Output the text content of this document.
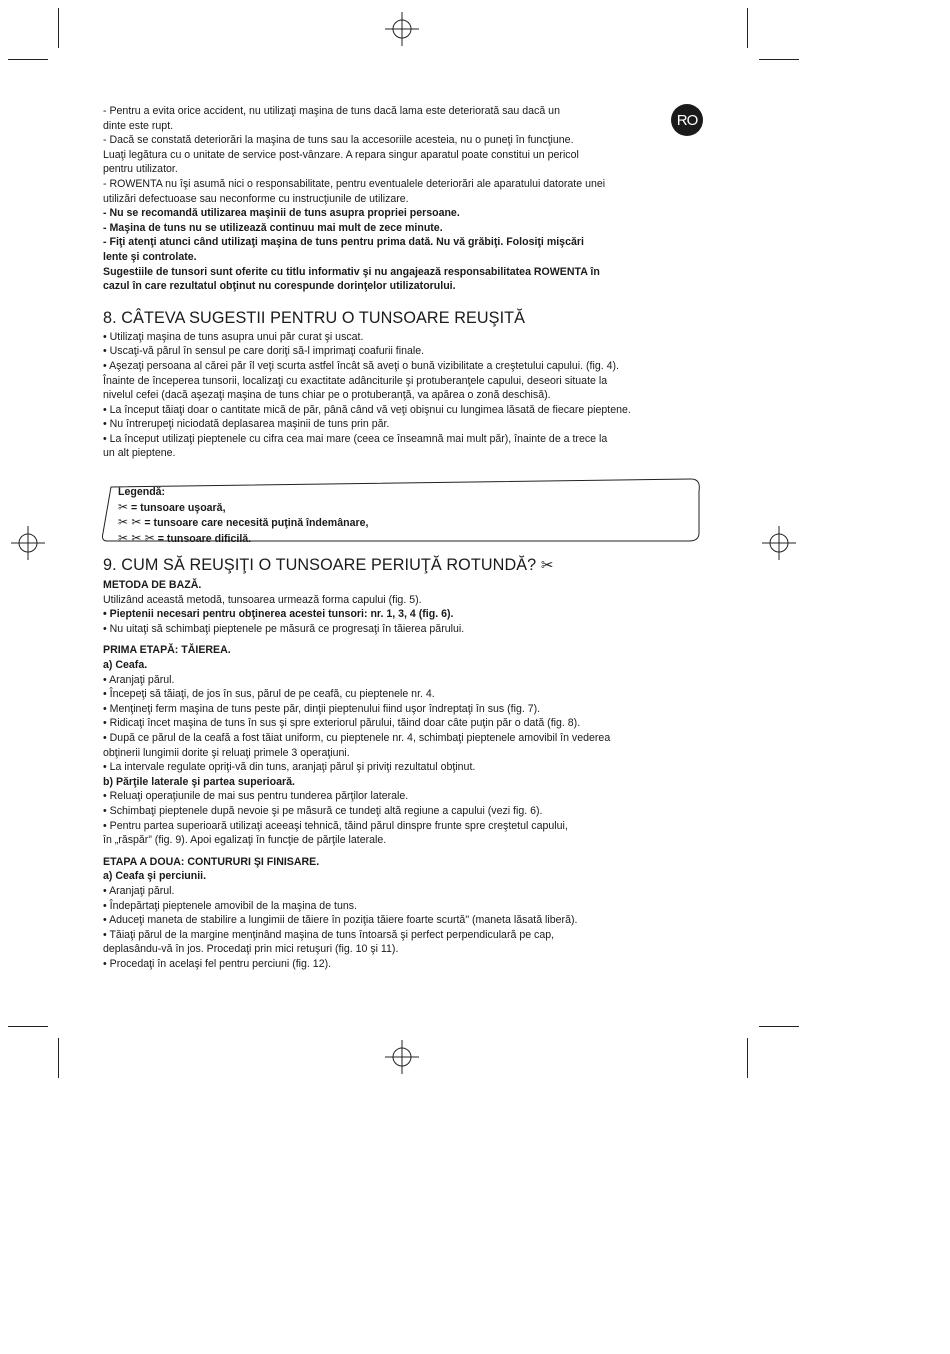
RO
- Pentru a evita orice accident, nu utilizaţi maşina de tuns dacă lama este deteriorată sau dacă un
dinte este rupt.
- Dacă se constată deteriorări la maşina de tuns sau la accesoriile acesteia, nu o puneţi în funcţiune.
Luaţi legătura cu o unitate de service post-vânzare. A repara singur aparatul poate constitui un pericol
pentru utilizator.
- ROWENTA nu îşi asumă nici o responsabilitate, pentru eventualele deteriorări ale aparatului datorate unei
utilizări defectuoase sau neconforme cu instrucţiunile de utilizare.
- Nu se recomandă utilizarea maşinii de tuns asupra propriei persoane.
- Maşina de tuns nu se utilizează continuu mai mult de zece minute.
- Fiţi atenţi atunci când utilizaţi maşina de tuns pentru prima dată. Nu vă grăbiţi. Folosiţi mişcări
lente şi controlate.
Sugestiile de tunsori sunt oferite cu titlu informativ şi nu angajează responsabilitatea ROWENTA în
cazul în care rezultatul obţinut nu corespunde dorinţelor utilizatorului.
8. CÂTEVA SUGESTII PENTRU O TUNSOARE REUŞITĂ
• Utilizaţi maşina de tuns asupra unui păr curat şi uscat.
• Uscaţi-vă părul în sensul pe care doriţi să-l imprimaţi coafurii finale.
• Aşezaţi persoana al cărei păr îl veţi scurta astfel încât să aveţi o bună vizibilitate a creştetului capului. (fig. 4).
Înainte de începerea tunsorii, localizaţi cu exactitate adânciturile şi protuberanţele capului, deseori situate la
nivelul cefei (dacă aşezaţi maşina de tuns chiar pe o protuberanţă, va apărea o zonă deschisă).
• La început tăiaţi doar o cantitate mică de păr, până când vă veţi obişnui cu lungimea lăsată de fiecare pieptene.
• Nu întrerupeţi niciodată deplasarea maşinii de tuns prin păr.
• La început utilizaţi pieptenele cu cifra cea mai mare (ceea ce înseamnă mai mult păr), înainte de a trece la
un alt pieptene.
Legendă:
✂ = tunsoare uşoară,
✂ ✂ = tunsoare care necesită puţină îndemânare,
✂ ✂ ✂ = tunsoare dificilă.
9. CUM SĂ REUŞIŢI O TUNSOARE PERIUŢĂ ROTUNDĂ? ✂
METODA DE BAZĂ.
Utilizând această metodă, tunsoarea urmează forma capului (fig. 5).
• Pieptenii necesari pentru obţinerea acestei tunsori: nr. 1, 3, 4 (fig. 6).
• Nu uitaţi să schimbaţi pieptenele pe măsură ce progresaţi în tăierea părului.
PRIMA ETAPĂ: TĂIEREA.
a) Ceafa.
• Aranjaţi părul.
• Începeţi să tăiaţi, de jos în sus, părul de pe ceafă, cu pieptenele nr. 4.
• Menţineţi ferm maşina de tuns peste păr, dinţii pieptenului fiind uşor îndreptaţi în sus (fig. 7).
• Ridicaţi încet maşina de tuns în sus şi spre exteriorul părului, tăind doar câte puţin păr o dată (fig. 8).
• După ce părul de la ceafă a fost tăiat uniform, cu pieptenele nr. 4, schimbaţi pieptenele amovibil în vederea
obţinerii lungimii dorite şi reluaţi primele 3 operaţiuni.
• La intervale regulate opriţi-vă din tuns, aranjaţi părul şi priviţi rezultatul obţinut.
b) Părţile laterale şi partea superioară.
• Reluaţi operaţiunile de mai sus pentru tunderea părţilor laterale.
• Schimbaţi pieptenele după nevoie şi pe măsură ce tundeţi altă regiune a capului (vezi fig. 6).
• Pentru partea superioară utilizaţi aceeaşi tehnică, tăind părul dinspre frunte spre creştetul capului,
în „răspăr” (fig. 9). Apoi egalizaţi în funcţie de părţile laterale.
ETAPA A DOUA: CONTURURI ŞI FINISARE.
a) Ceafa şi perciunii.
• Aranjaţi părul.
• Îndepărtaţi pieptenele amovibil de la maşina de tuns.
• Aduceţi maneta de stabilire a lungimii de tăiere în poziţia tăiere foarte scurtă" (maneta lăsată liberă).
• Tăiaţi părul de la margine menţinând maşina de tuns întoarsă şi perfect perpendiculară pe cap,
deplasându-vă în jos. Procedaţi prin mici retuşuri (fig. 10 şi 11).
• Procedaţi în acelaşi fel pentru perciuni (fig. 12).
